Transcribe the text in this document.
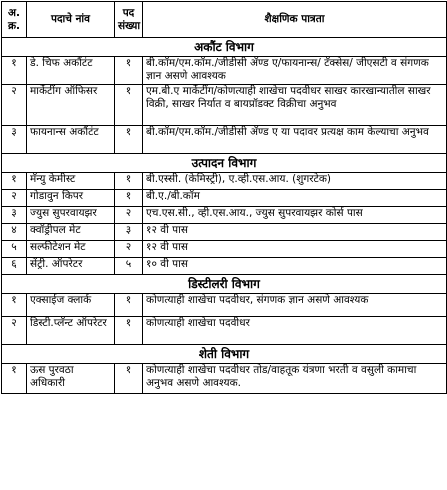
अ. क्र.	पदाचे नांव	पद संख्या	शैक्षणिक पात्रता
अकौंट विभाग			
१	डे. चिफ अकौंटंट	१	बी.कॉम/एम.कॉम./जीडीसी ॲण्ड ए/फायनान्स/ टॅक्सेस/ जीएसटी व संगणक ज्ञान असणे आवश्यक
२	मार्केटींग ऑफिसर	१	एम.बी.ए मार्केटींग/कोणत्याही शाखेचा पदवीधर साखर कारखान्यातील साखर विक्री, साखर निर्यात व बायप्रॉडक्ट विक्रीचा अनुभव
३	फायनान्स अकौंटंट	१	बी.कॉम/एम.कॉम./जीडीसी ॲण्ड ए या पदावर प्रत्यक्ष काम केल्याचा अनुभव
उत्पादन विभाग			
१	मॅन्यु केमीस्ट	१	बी.एस्सी. (केमिस्ट्री), ए.व्ही.एस.आय. (शुगरटेक)
२	गोडावुन किपर	१	बी.ए./बी.कॉम
३	ज्युस सुपरवायझर	२	एच.एस.सी., व्ही.एस.आय., ज्युस सुपरवायझर कोर्स पास
४	क्वॉड्रीपल मेट	३	१२ वी पास
५	सल्फीटेशन मेट	२	१२ वी पास
६	सेंट्री. ऑपरेटर	५	१० वी पास
डिस्टीलरी विभाग			
१	एक्साईज क्लार्क	१	कोणत्याही शाखेचा पदवीधर, संगणक ज्ञान असणे आवश्यक
२	डिस्टी.प्लॅन्ट ऑपरेटर	१	कोणत्याही शाखेचा पदवीधर
शेती विभाग			
१	ऊस पुरवठा अधिकारी	१	कोणत्याही शाखेचा पदवीधर तोड/वाहतूक यंत्रणा भरती व वसुली कामाचा अनुभव असणे आवश्यक.
